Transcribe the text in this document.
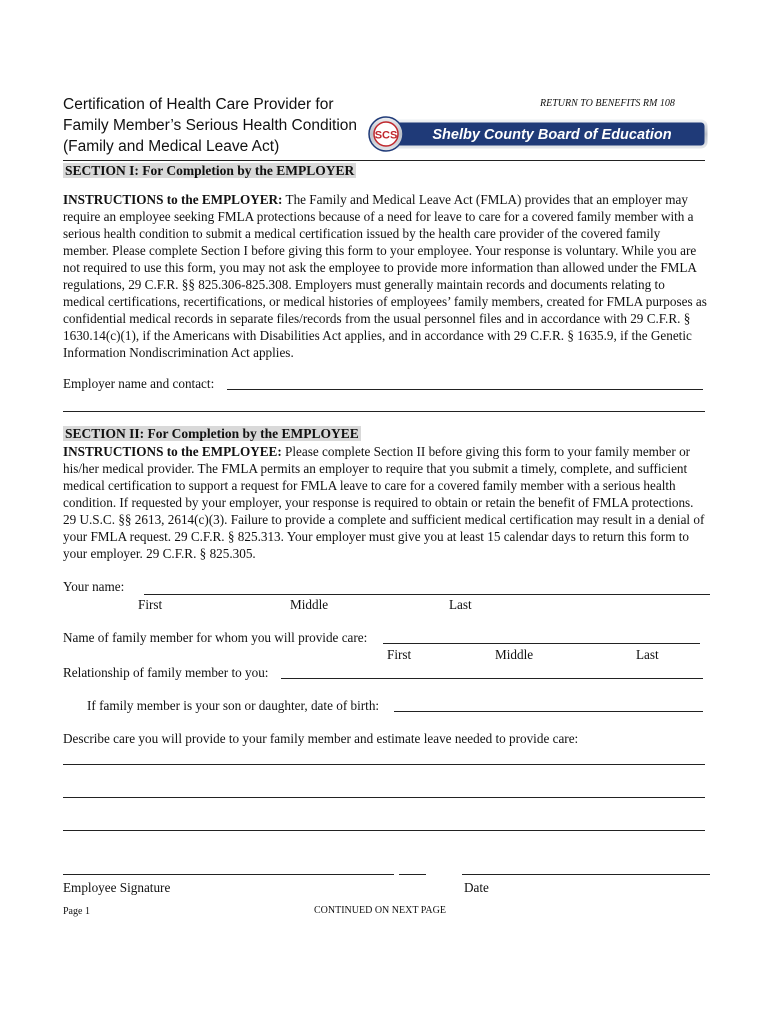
Certification of Health Care Provider for
Family Member’s Serious Health Condition
(Family and Medical Leave Act)
RETURN TO BENEFITS RM 108
SCS Shelby County Board of Education
SECTION I: For Completion by the EMPLOYER
INSTRUCTIONS to the EMPLOYER: The Family and Medical Leave Act (FMLA) provides that an employer may require an employee seeking FMLA protections because of a need for leave to care for a covered family member with a serious health condition to submit a medical certification issued by the health care provider of the covered family member. Please complete Section I before giving this form to your employee. Your response is voluntary. While you are not required to use this form, you may not ask the employee to provide more information than allowed under the FMLA regulations, 29 C.F.R. §§ 825.306-825.308. Employers must generally maintain records and documents relating to medical certifications, recertifications, or medical histories of employees’ family members, created for FMLA purposes as confidential medical records in separate files/records from the usual personnel files and in accordance with 29 C.F.R. § 1630.14(c)(1), if the Americans with Disabilities Act applies, and in accordance with 29 C.F.R. § 1635.9, if the Genetic Information Nondiscrimination Act applies.
Employer name and contact:
SECTION II: For Completion by the EMPLOYEE
INSTRUCTIONS to the EMPLOYEE: Please complete Section II before giving this form to your family member or his/her medical provider. The FMLA permits an employer to require that you submit a timely, complete, and sufficient medical certification to support a request for FMLA leave to care for a covered family member with a serious health condition. If requested by your employer, your response is required to obtain or retain the benefit of FMLA protections. 29 U.S.C. §§ 2613, 2614(c)(3). Failure to provide a complete and sufficient medical certification may result in a denial of your FMLA request. 29 C.F.R. § 825.313. Your employer must give you at least 15 calendar days to return this form to your employer. 29 C.F.R. § 825.305.
Your name:
First	Middle	Last
Name of family member for whom you will provide care:
First	Middle	Last
Relationship of family member to you:
If family member is your son or daughter, date of birth:
Describe care you will provide to your family member and estimate leave needed to provide care:
Employee Signature	Date
Page 1	CONTINUED ON NEXT PAGE
